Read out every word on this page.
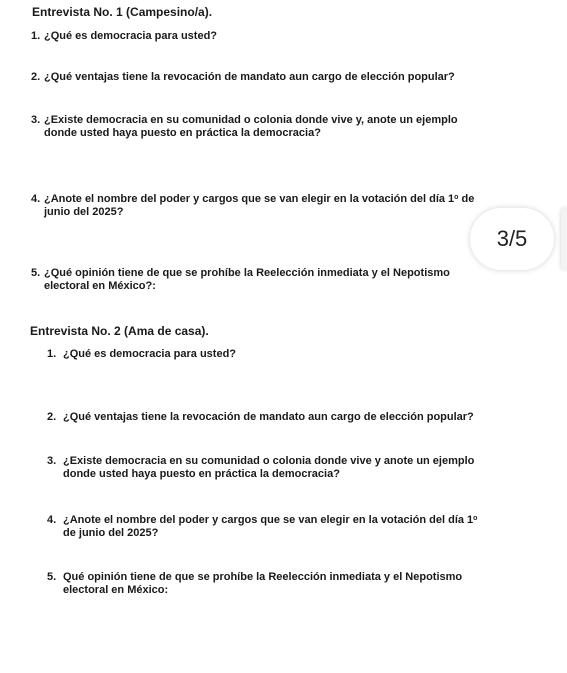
Entrevista No. 1 (Campesino/a).
1. ¿Qué es democracia para usted?
2. ¿Qué ventajas tiene la revocación de mandato aun cargo de elección popular?
3. ¿Existe democracia en su comunidad o colonia donde vive y, anote un ejemplo
donde usted haya puesto en práctica la democracia?
4. ¿Anote el nombre del poder y cargos que se van elegir en la votación del día 1$^o$ de
junio del 2025?
5. ¿Qué opinión tiene de que se prohíbe la Reelección inmediata y el Nepotismo
electoral en México?:
3/5
Entrevista No. 2 (Ama de casa).
1. ¿Qué es democracia para usted?
2. ¿Qué ventajas tiene la revocación de mandato aun cargo de elección popular?
3. ¿Existe democracia en su comunidad o colonia donde vive y anote un ejemplo
donde usted haya puesto en práctica la democracia?
4. ¿Anote el nombre del poder y cargos que se van elegir en la votación del día 1$^o$
de junio del 2025?
5. Qué opinión tiene de que se prohíbe la Reelección inmediata y el Nepotismo
electoral en México:
